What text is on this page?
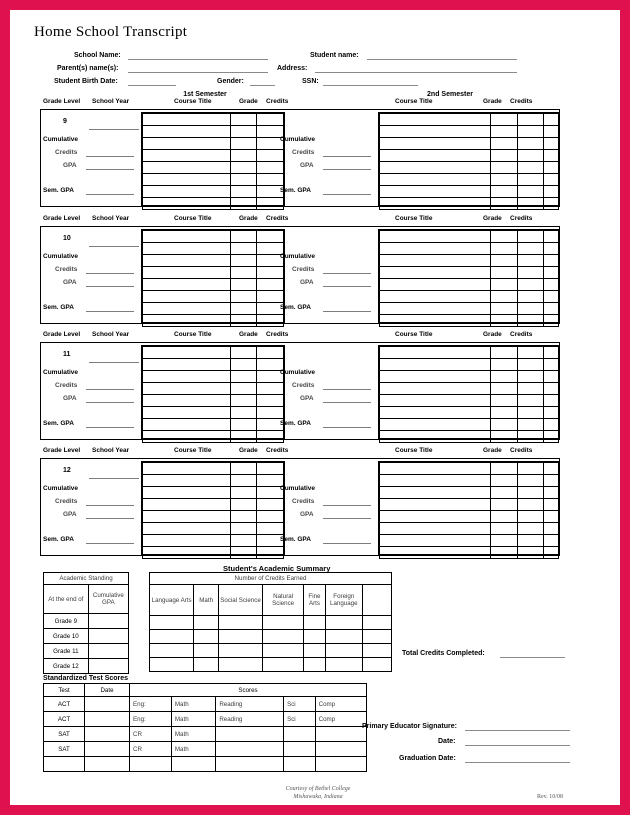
Home School Transcript
School Name:	Student name:
Parent(s) name(s):	Address:
Student Birth Date:	Gender:	SSN:
1st Semester	2nd Semester
Grade Level School Year	Course Title	Grade Credits	Course Title	Grade Credits
9
Cumulative
Credits
GPA
Sem. GPA
Cumulative
Credits
GPA
Sem. GPA

Grade Level School Year	Course Title	Grade Credits	Course Title	Grade Credits
10
Cumulative
Credits
GPA
Sem. GPA
Cumulative
Credits
GPA
Sem. GPA

Grade Level School Year	Course Title	Grade Credits	Course Title	Grade Credits
11
Cumulative
Credits
GPA
Sem. GPA
Cumulative
Credits
GPA
Sem. GPA

Grade Level School Year	Course Title	Grade Credits	Course Title	Grade Credits
12
Cumulative
Credits
GPA
Sem. GPA
Cumulative
Credits
GPA
Sem. GPA

Student's Academic Summary
Academic Standing	
At the end of	Cumulative GPA
Grade 9	
Grade 10	
Grade 11	
Grade 12	
Number of Credits Earned						
Language Arts	Math	Social Science	Natural Science	Fine Arts	Foreign Language	

Total Credits Completed:
Standardized Test Scores
Test	Date	Scores				
ACT		Eng:	Math	Reading	Sci	Comp
ACT		Eng:	Math	Reading	Sci	Comp
SAT		CR	Math			
SAT		CR	Math			

Primary Educator Signature:
Date:
Graduation Date:
Courtesy of Bethel College
Mishawaka, Indiana	Rev. 10/08
